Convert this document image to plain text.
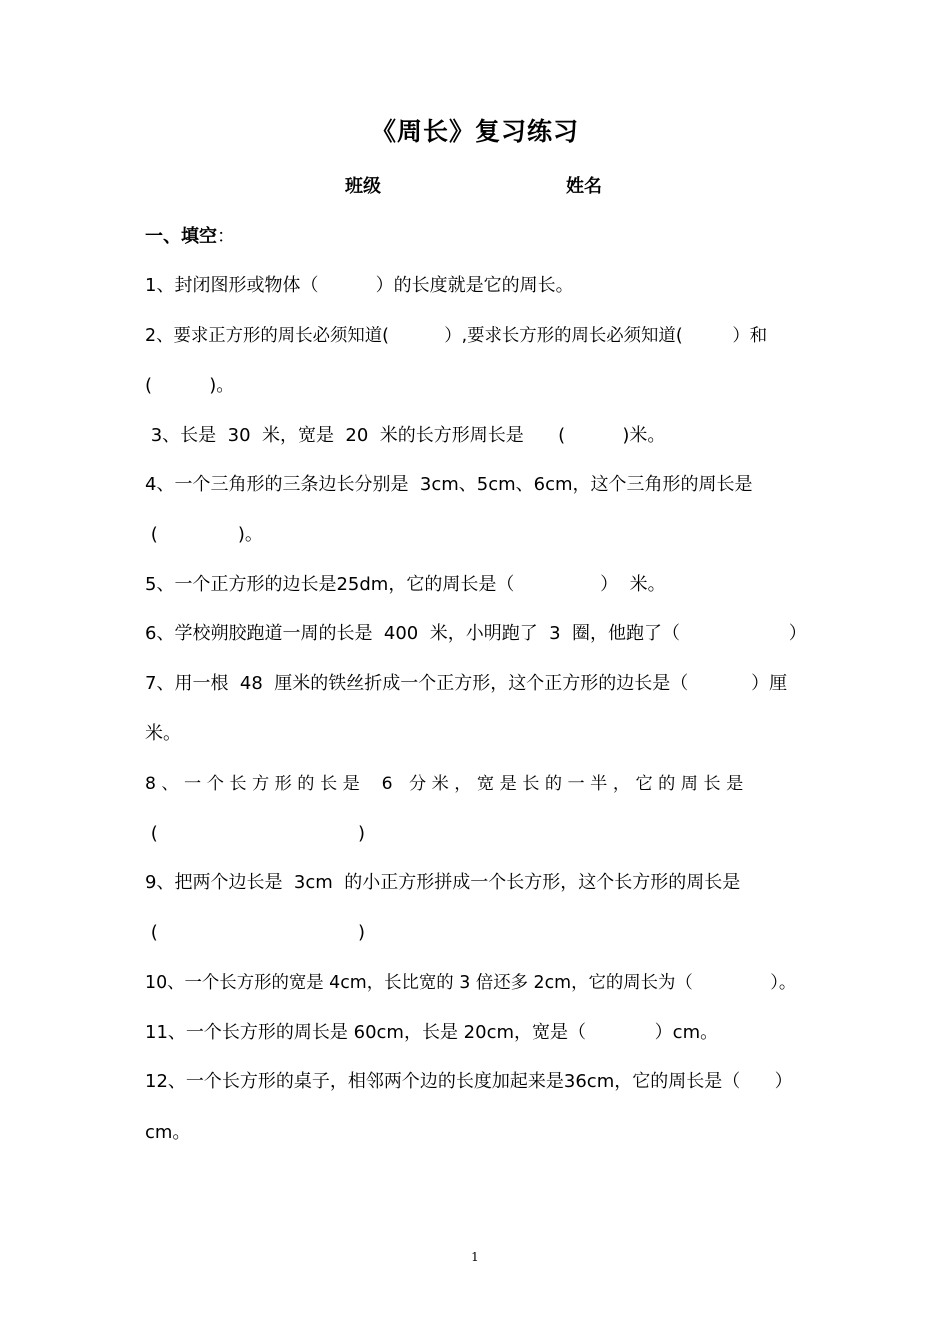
《周长》复习练习
班级	姓名
一、填空：
1、封闭图形或物体（          ）的长度就是它的周长。
2、要求正方形的周长必须知道(          ）,要求长方形的周长必须知道(         ）和
(          )。
3、长是  30  米，宽是  20  米的长方形周长是      (          )米。
4、一个三角形的三条边长分别是  3cm、5cm、6cm，这个三角形的周长是
(              )。
5、一个正方形的边长是25dm，它的周长是（               ）  米。
6、学校朔胶跑道一周的长是  400  米，小明跑了  3  圈，他跑了（                   ）
7、用一根  48  厘米的铁丝折成一个正方形，这个正方形的边长是（           ）厘
米。
8 、 一 个 长 方 形 的 长 是    6   分 米 ， 宽 是 长 的 一 半 ， 它 的 周 长 是
(                                   )
9、把两个边长是  3cm  的小正方形拼成一个长方形，这个长方形的周长是
(                                   )
10、一个长方形的宽是 4cm，长比宽的 3 倍还多 2cm，它的周长为（              ）。
11、一个长方形的周长是 60cm，长是 20cm，宽是（            ）cm。
12、一个长方形的桌子，相邻两个边的长度加起来是36cm，它的周长是（      ）
cm。
1
